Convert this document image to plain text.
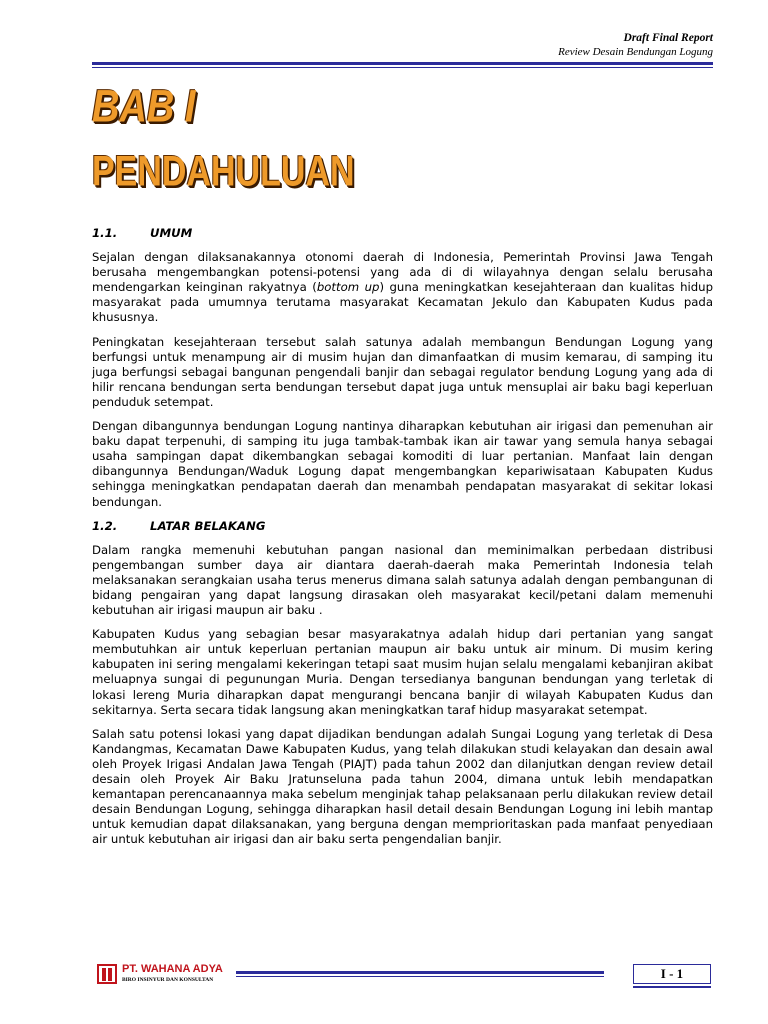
Draft Final Report
Review Desain Bendungan Logung
BAB I
PENDAHULUAN
1.1.	UMUM

Sejalan dengan dilaksanakannya otonomi daerah di Indonesia, Pemerintah Provinsi Jawa Tengah berusaha mengembangkan potensi-potensi yang ada di di wilayahnya dengan selalu berusaha mendengarkan keinginan rakyatnya (bottom up) guna meningkatkan kesejahteraan dan kualitas hidup masyarakat pada umumnya terutama masyarakat Kecamatan Jekulo dan Kabupaten Kudus pada khususnya.

Peningkatan kesejahteraan tersebut salah satunya adalah membangun Bendungan Logung yang berfungsi untuk menampung air di musim hujan dan dimanfaatkan di musim kemarau, di samping itu juga berfungsi sebagai bangunan pengendali banjir dan sebagai regulator bendung Logung yang ada di hilir rencana bendungan serta bendungan tersebut dapat juga untuk mensuplai air baku bagi keperluan penduduk setempat.

Dengan dibangunnya bendungan Logung nantinya diharapkan kebutuhan air irigasi dan pemenuhan air baku dapat terpenuhi, di samping itu juga tambak-tambak ikan air tawar yang semula hanya sebagai usaha sampingan dapat dikembangkan sebagai komoditi di luar pertanian. Manfaat lain dengan dibangunnya Bendungan/Waduk Logung dapat mengembangkan kepariwisataan Kabupaten Kudus sehingga meningkatkan pendapatan daerah dan menambah pendapatan masyarakat di sekitar lokasi bendungan.

1.2.	LATAR BELAKANG

Dalam rangka memenuhi kebutuhan pangan nasional dan meminimalkan perbedaan distribusi pengembangan sumber daya air diantara daerah-daerah maka Pemerintah Indonesia telah melaksanakan serangkaian usaha terus menerus dimana salah satunya adalah dengan pembangunan di bidang pengairan yang dapat langsung dirasakan oleh masyarakat kecil/petani dalam memenuhi kebutuhan air irigasi maupun air baku .

Kabupaten Kudus yang sebagian besar masyarakatnya adalah hidup dari pertanian yang sangat membutuhkan air untuk keperluan pertanian maupun air baku untuk air minum. Di musim kering kabupaten ini sering mengalami kekeringan tetapi saat musim hujan selalu mengalami kebanjiran akibat meluapnya sungai di pegunungan Muria. Dengan tersedianya bangunan bendungan yang terletak di lokasi lereng Muria diharapkan dapat mengurangi bencana banjir di wilayah Kabupaten Kudus dan sekitarnya. Serta secara tidak langsung akan meningkatkan taraf hidup masyarakat setempat.

Salah satu potensi lokasi yang dapat dijadikan bendungan adalah Sungai Logung yang terletak di Desa Kandangmas, Kecamatan Dawe Kabupaten Kudus, yang telah dilakukan studi kelayakan dan desain awal oleh Proyek Irigasi Andalan Jawa Tengah (PIAJT) pada tahun 2002 dan dilanjutkan dengan review detail desain oleh Proyek Air Baku Jratunseluna pada tahun 2004, dimana untuk lebih mendapatkan kemantapan perencanaannya maka sebelum menginjak tahap pelaksanaan perlu dilakukan review detail desain Bendungan Logung, sehingga diharapkan hasil detail desain Bendungan Logung ini lebih mantap untuk kemudian dapat dilaksanakan, yang berguna dengan memprioritaskan pada manfaat penyediaan air untuk kebutuhan air irigasi dan air baku serta pengendalian banjir.

PT. WAHANA ADYA
BIRO INSINYUR DAN KONSULTAN	I - 1
